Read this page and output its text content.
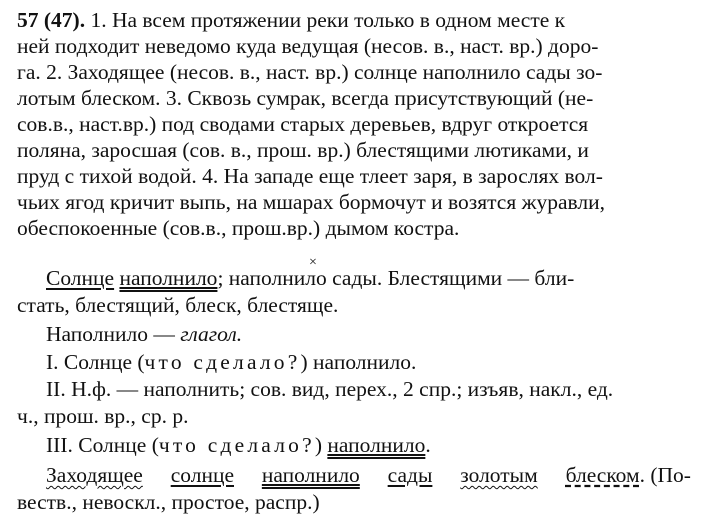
57 (47). 1. На всем протяжении реки только в одном месте к
ней подходит неведомо куда ведущая (несов. в., наст. вр.) доро-
га. 2. Заходящее (несов. в., наст. вр.) солнце наполнило сады зо-
лотым блеском. 3. Сквозь сумрак, всегда присутствующий (не-
сов.в., наст.вр.) под сводами старых деревьев, вдруг откроется
поляна, заросшая (сов. в., прош. вр.) блестящими лютиками, и
пруд с тихой водой. 4. На западе еще тлеет заря, в зарослях вол-
чьих ягод кричит выпь, на мшарах бормочут и возятся журавли,
обеспокоенные (сов.в., прош.вр.) дымом костра.
×
Солнце наполнило; наполнило сады. Блестящими — бли-
стать, блестящий, блеск, блестяще.
Наполнило — глагол.
I. Солнце (что сделало?) наполнило.
II. Н.ф. — наполнить; сов. вид, перех., 2 спр.; изъяв, накл., ед.
ч., прош. вр., ср. р.
III. Солнце (что сделало?) наполнило.
Заходящее солнце наполнило сады золотым блеском. (По-
веств., невоскл., простое, распр.)
